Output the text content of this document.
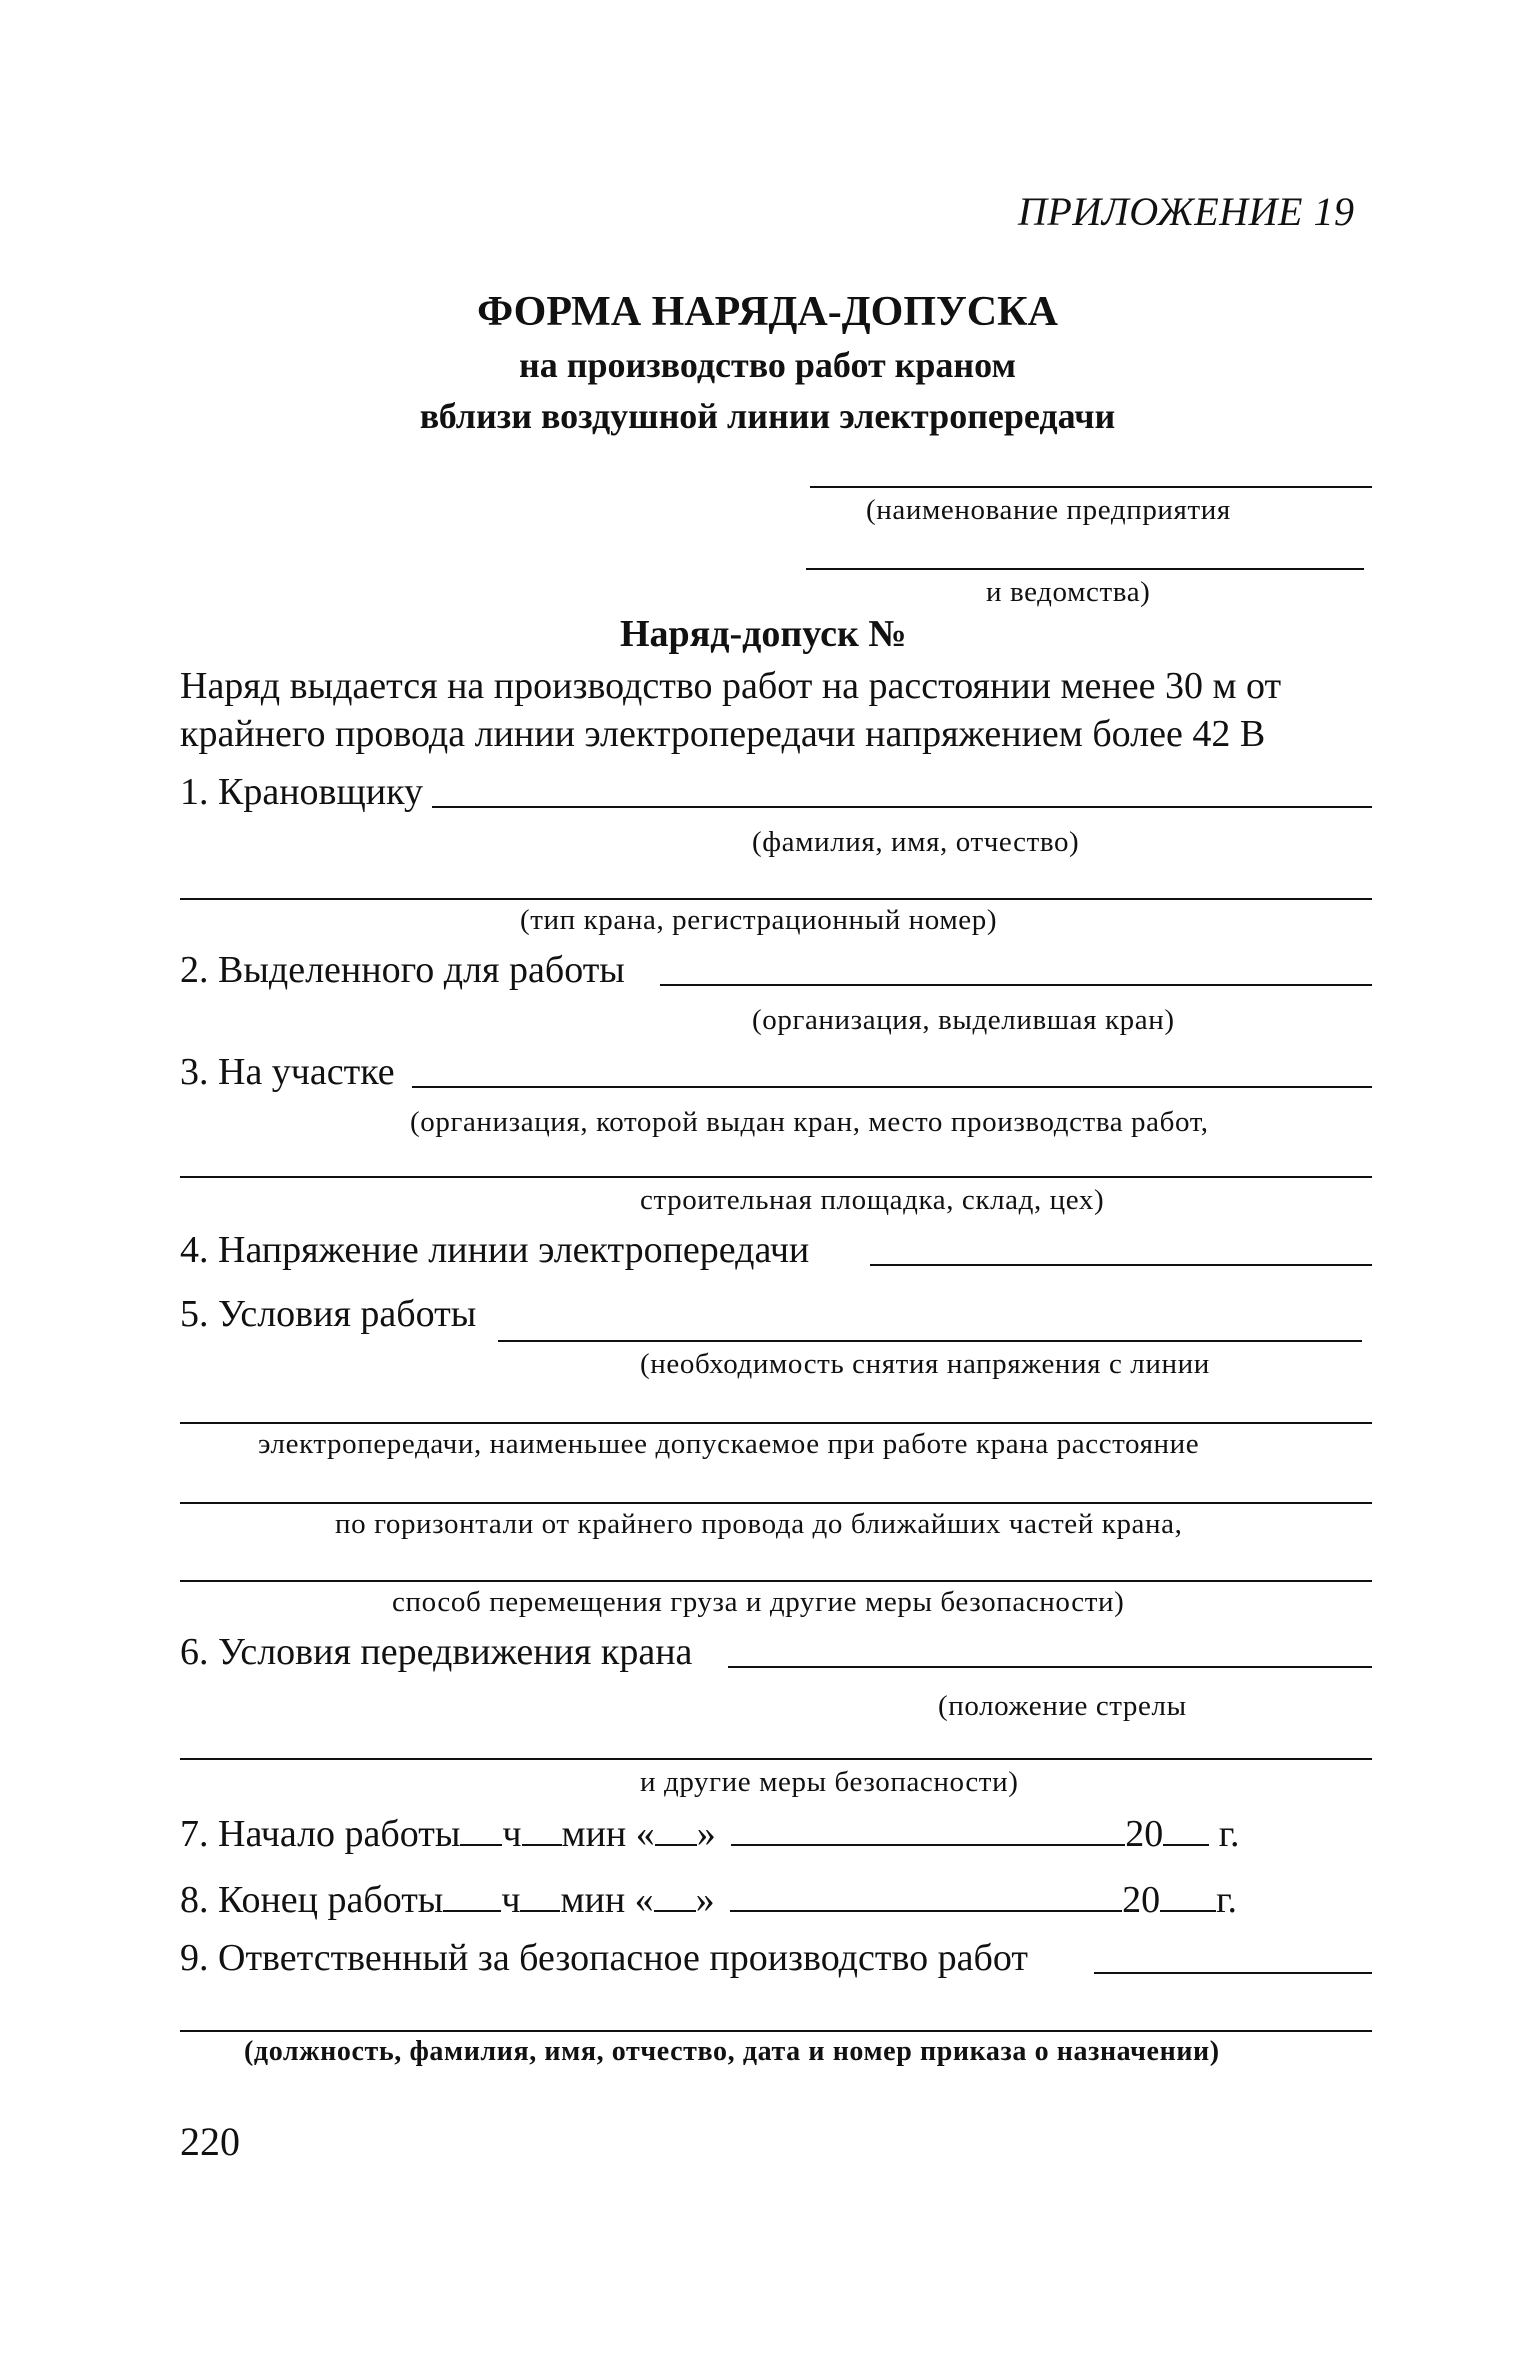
ПРИЛОЖЕНИЕ 19
ФОРМА НАРЯДА-ДОПУСКА
на производство работ краном
вблизи воздушной линии электропередачи
(наименование предприятия
и ведомства)
Наряд-допуск №
Наряд выдается на производство работ на расстоянии менее 30 м от
крайнего провода линии электропередачи напряжением более 42 В
1. Крановщику
(фамилия, имя, отчество)
(тип крана, регистрационный номер)
2. Выделенного для работы
(организация, выделившая кран)
3. На участке
(организация, которой выдан кран, место производства работ,
строительная площадка, склад, цех)
4. Напряжение линии электропередачи
5. Условия работы
(необходимость снятия напряжения с линии
электропередачи, наименьшее допускаемое при работе крана расстояние
по горизонтали от крайнего провода до ближайших частей крана,
способ перемещения груза и другие меры безопасности)
6. Условия передвижения крана
(положение стрелы
и другие меры безопасности)
7. Начало работы ч мин « »	20 г.
8. Конец работы ч мин « »	20 г.
9. Ответственный за безопасное производство работ
(должность, фамилия, имя, отчество, дата и номер приказа о назначении)
220
